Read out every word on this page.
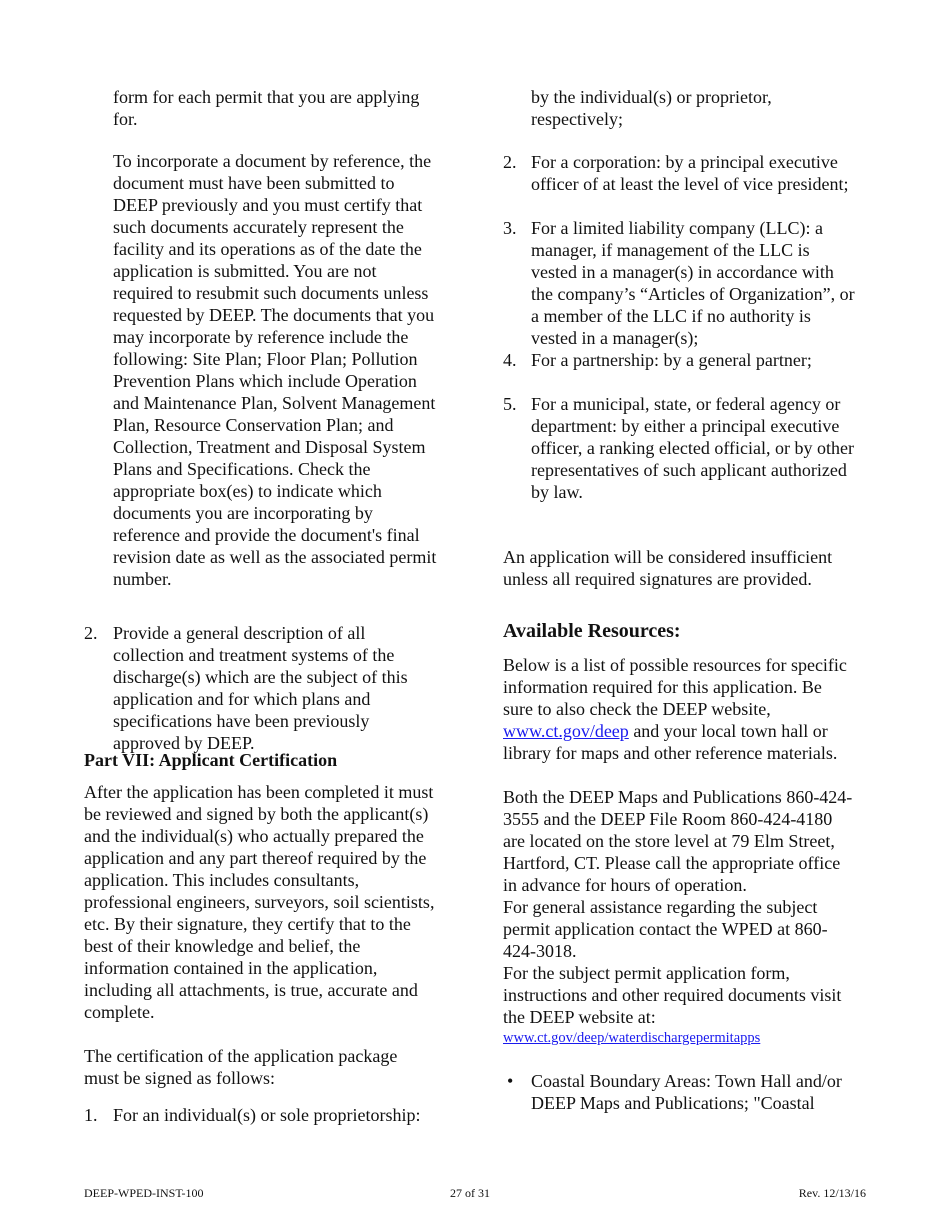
form for each permit that you are applying
for.
To incorporate a document by reference, the
document must have been submitted to
DEEP previously and you must certify that
such documents accurately represent the
facility and its operations as of the date the
application is submitted. You are not
required to resubmit such documents unless
requested by DEEP. The documents that you
may incorporate by reference include the
following: Site Plan; Floor Plan; Pollution
Prevention Plans which include Operation
and Maintenance Plan, Solvent Management
Plan, Resource Conservation Plan; and
Collection, Treatment and Disposal System
Plans and Specifications. Check the
appropriate box(es) to indicate which
documents you are incorporating by
reference and provide the document's final
revision date as well as the associated permit
number.
2. Provide a general description of all
collection and treatment systems of the
discharge(s) which are the subject of this
application and for which plans and
specifications have been previously
approved by DEEP.
Part VII: Applicant Certification
After the application has been completed it must
be reviewed and signed by both the applicant(s)
and the individual(s) who actually prepared the
application and any part thereof required by the
application. This includes consultants,
professional engineers, surveyors, soil scientists,
etc. By their signature, they certify that to the
best of their knowledge and belief, the
information contained in the application,
including all attachments, is true, accurate and
complete.
The certification of the application package
must be signed as follows:
1. For an individual(s) or sole proprietorship:
by the individual(s) or proprietor,
respectively;
2. For a corporation: by a principal executive
officer of at least the level of vice president;
3. For a limited liability company (LLC): a
manager, if management of the LLC is
vested in a manager(s) in accordance with
the company’s “Articles of Organization”, or
a member of the LLC if no authority is
vested in a manager(s);
4. For a partnership: by a general partner;
5. For a municipal, state, or federal agency or
department: by either a principal executive
officer, a ranking elected official, or by other
representatives of such applicant authorized
by law.
An application will be considered insufficient
unless all required signatures are provided.
Available Resources:
Below is a list of possible resources for specific
information required for this application. Be
sure to also check the DEEP website,
www.ct.gov/deep and your local town hall or
library for maps and other reference materials.
Both the DEEP Maps and Publications 860-424-
3555 and the DEEP File Room 860-424-4180
are located on the store level at 79 Elm Street,
Hartford, CT. Please call the appropriate office
in advance for hours of operation.
For general assistance regarding the subject
permit application contact the WPED at 860-
424-3018.
For the subject permit application form,
instructions and other required documents visit
the DEEP website at:
www.ct.gov/deep/waterdischargepermitapps
• Coastal Boundary Areas: Town Hall and/or
DEEP Maps and Publications; "Coastal
DEEP-WPED-INST-100	27 of 31	Rev. 12/13/16
